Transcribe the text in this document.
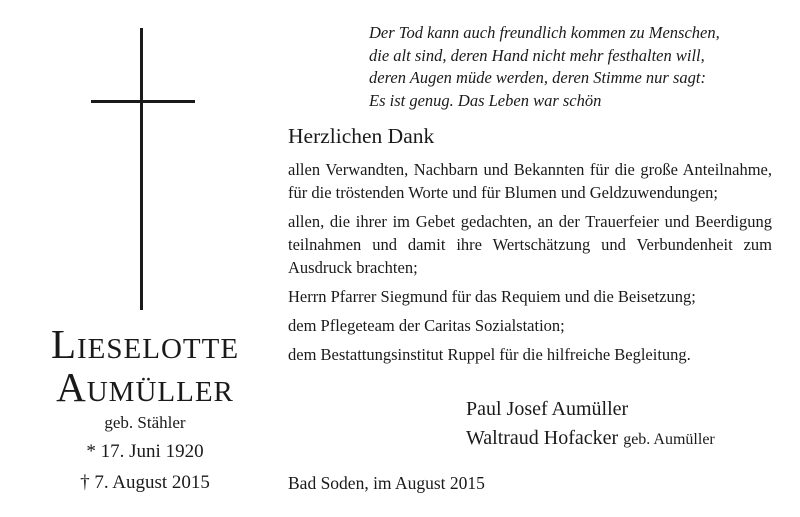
Der Tod kann auch freundlich kommen zu Menschen,
die alt sind, deren Hand nicht mehr festhalten will,
deren Augen müde werden, deren Stimme nur sagt:
Es ist genug. Das Leben war schön
Lieselotte
Aumüller
geb. Stähler
* 17. Juni 1920
† 7. August 2015
Herzlichen Dank

allen Verwandten, Nachbarn und Bekannten für die große Anteilnahme, für die tröstenden Worte und für Blumen und Geldzuwendungen;

allen, die ihrer im Gebet gedachten, an der Trauerfeier und Beerdigung teilnahmen und damit ihre Wertschätzung und Verbundenheit zum Ausdruck brachten;

Herrn Pfarrer Siegmund für das Requiem und die Beisetzung;

dem Pflegeteam der Caritas Sozialstation;

dem Bestattungsinstitut Ruppel für die hilfreiche Begleitung.

Paul Josef Aumüller
Waltraud Hofacker geb. Aumüller
Bad Soden, im August 2015
